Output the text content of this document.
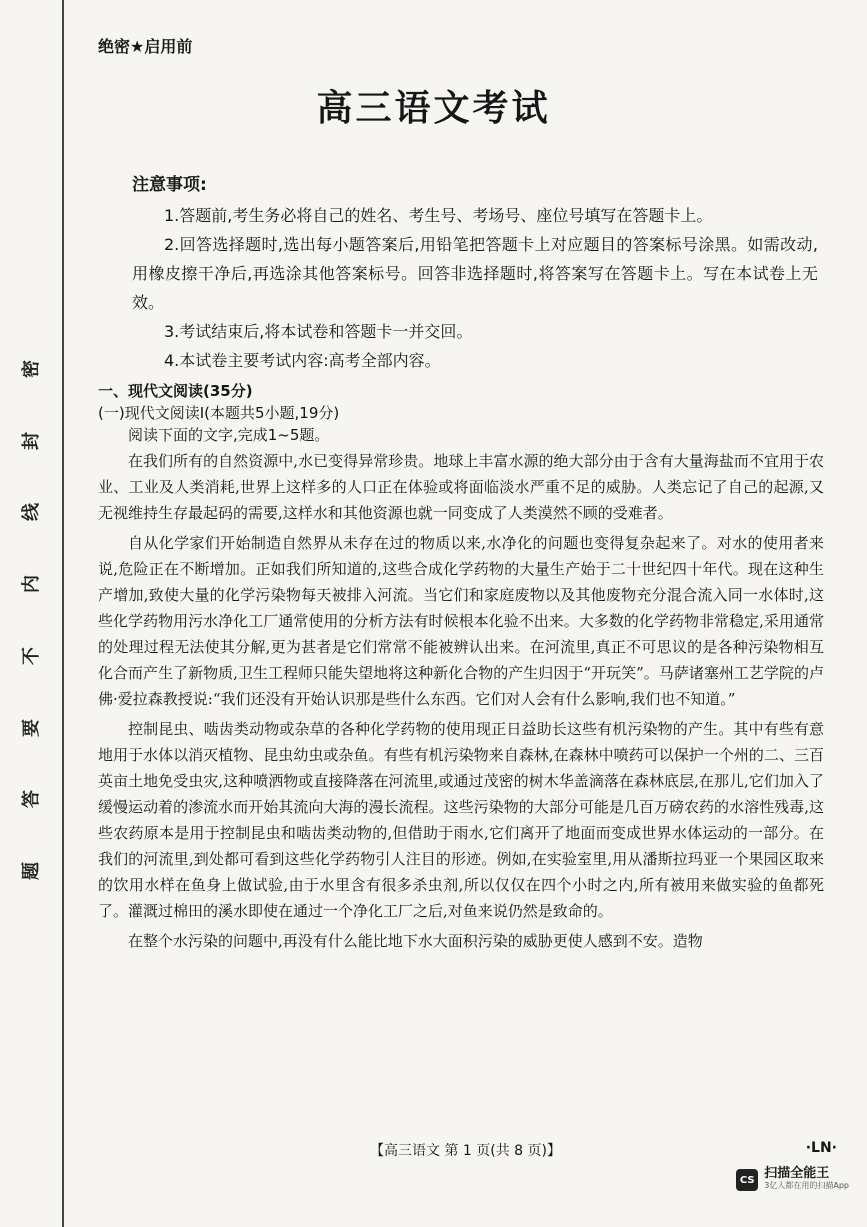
密
封
线
内
不
要
答
题
绝密★启用前
高三语文考试
注意事项:

1.答题前,考生务必将自己的姓名、考生号、考场号、座位号填写在答题卡上。

2.回答选择题时,选出每小题答案后,用铅笔把答题卡上对应题目的答案标号涂黑。如需改动,用橡皮擦干净后,再选涂其他答案标号。回答非选择题时,将答案写在答题卡上。写在本试卷上无效。

3.考试结束后,将本试卷和答题卡一并交回。

4.本试卷主要考试内容:高考全部内容。

一、现代文阅读(35分)
(一)现代文阅读Ⅰ(本题共5小题,19分)
阅读下面的文字,完成1~5题。

在我们所有的自然资源中,水已变得异常珍贵。地球上丰富水源的绝大部分由于含有大量海盐而不宜用于农业、工业及人类消耗,世界上这样多的人口正在体验或将面临淡水严重不足的威胁。人类忘记了自己的起源,又无视维持生存最起码的需要,这样水和其他资源也就一同变成了人类漠然不顾的受难者。

自从化学家们开始制造自然界从未存在过的物质以来,水净化的问题也变得复杂起来了。对水的使用者来说,危险正在不断增加。正如我们所知道的,这些合成化学药物的大量生产始于二十世纪四十年代。现在这种生产增加,致使大量的化学污染物每天被排入河流。当它们和家庭废物以及其他废物充分混合流入同一水体时,这些化学药物用污水净化工厂通常使用的分析方法有时候根本化验不出来。大多数的化学药物非常稳定,采用通常的处理过程无法使其分解,更为甚者是它们常常不能被辨认出来。在河流里,真正不可思议的是各种污染物相互化合而产生了新物质,卫生工程师只能失望地将这种新化合物的产生归因于“开玩笑”。马萨诸塞州工艺学院的卢佛·爱拉森教授说:“我们还没有开始认识那是些什么东西。它们对人会有什么影响,我们也不知道。”

控制昆虫、啮齿类动物或杂草的各种化学药物的使用现正日益助长这些有机污染物的产生。其中有些有意地用于水体以消灭植物、昆虫幼虫或杂鱼。有些有机污染物来自森林,在森林中喷药可以保护一个州的二、三百英亩土地免受虫灾,这种喷洒物或直接降落在河流里,或通过茂密的树木华盖滴落在森林底层,在那儿,它们加入了缓慢运动着的渗流水而开始其流向大海的漫长流程。这些污染物的大部分可能是几百万磅农药的水溶性残毒,这些农药原本是用于控制昆虫和啮齿类动物的,但借助于雨水,它们离开了地面而变成世界水体运动的一部分。在我们的河流里,到处都可看到这些化学药物引人注目的形迹。例如,在实验室里,用从潘斯拉玛亚一个果园区取来的饮用水样在鱼身上做试验,由于水里含有很多杀虫剂,所以仅仅在四个小时之内,所有被用来做实验的鱼都死了。灌溉过棉田的溪水即使在通过一个净化工厂之后,对鱼来说仍然是致命的。

在整个水污染的问题中,再没有什么能比地下水大面积污染的威胁更使人感到不安。造物

【高三语文 第 1 页(共 8 页)】	·LN·
CS 扫描全能王
3亿人都在用的扫描App
